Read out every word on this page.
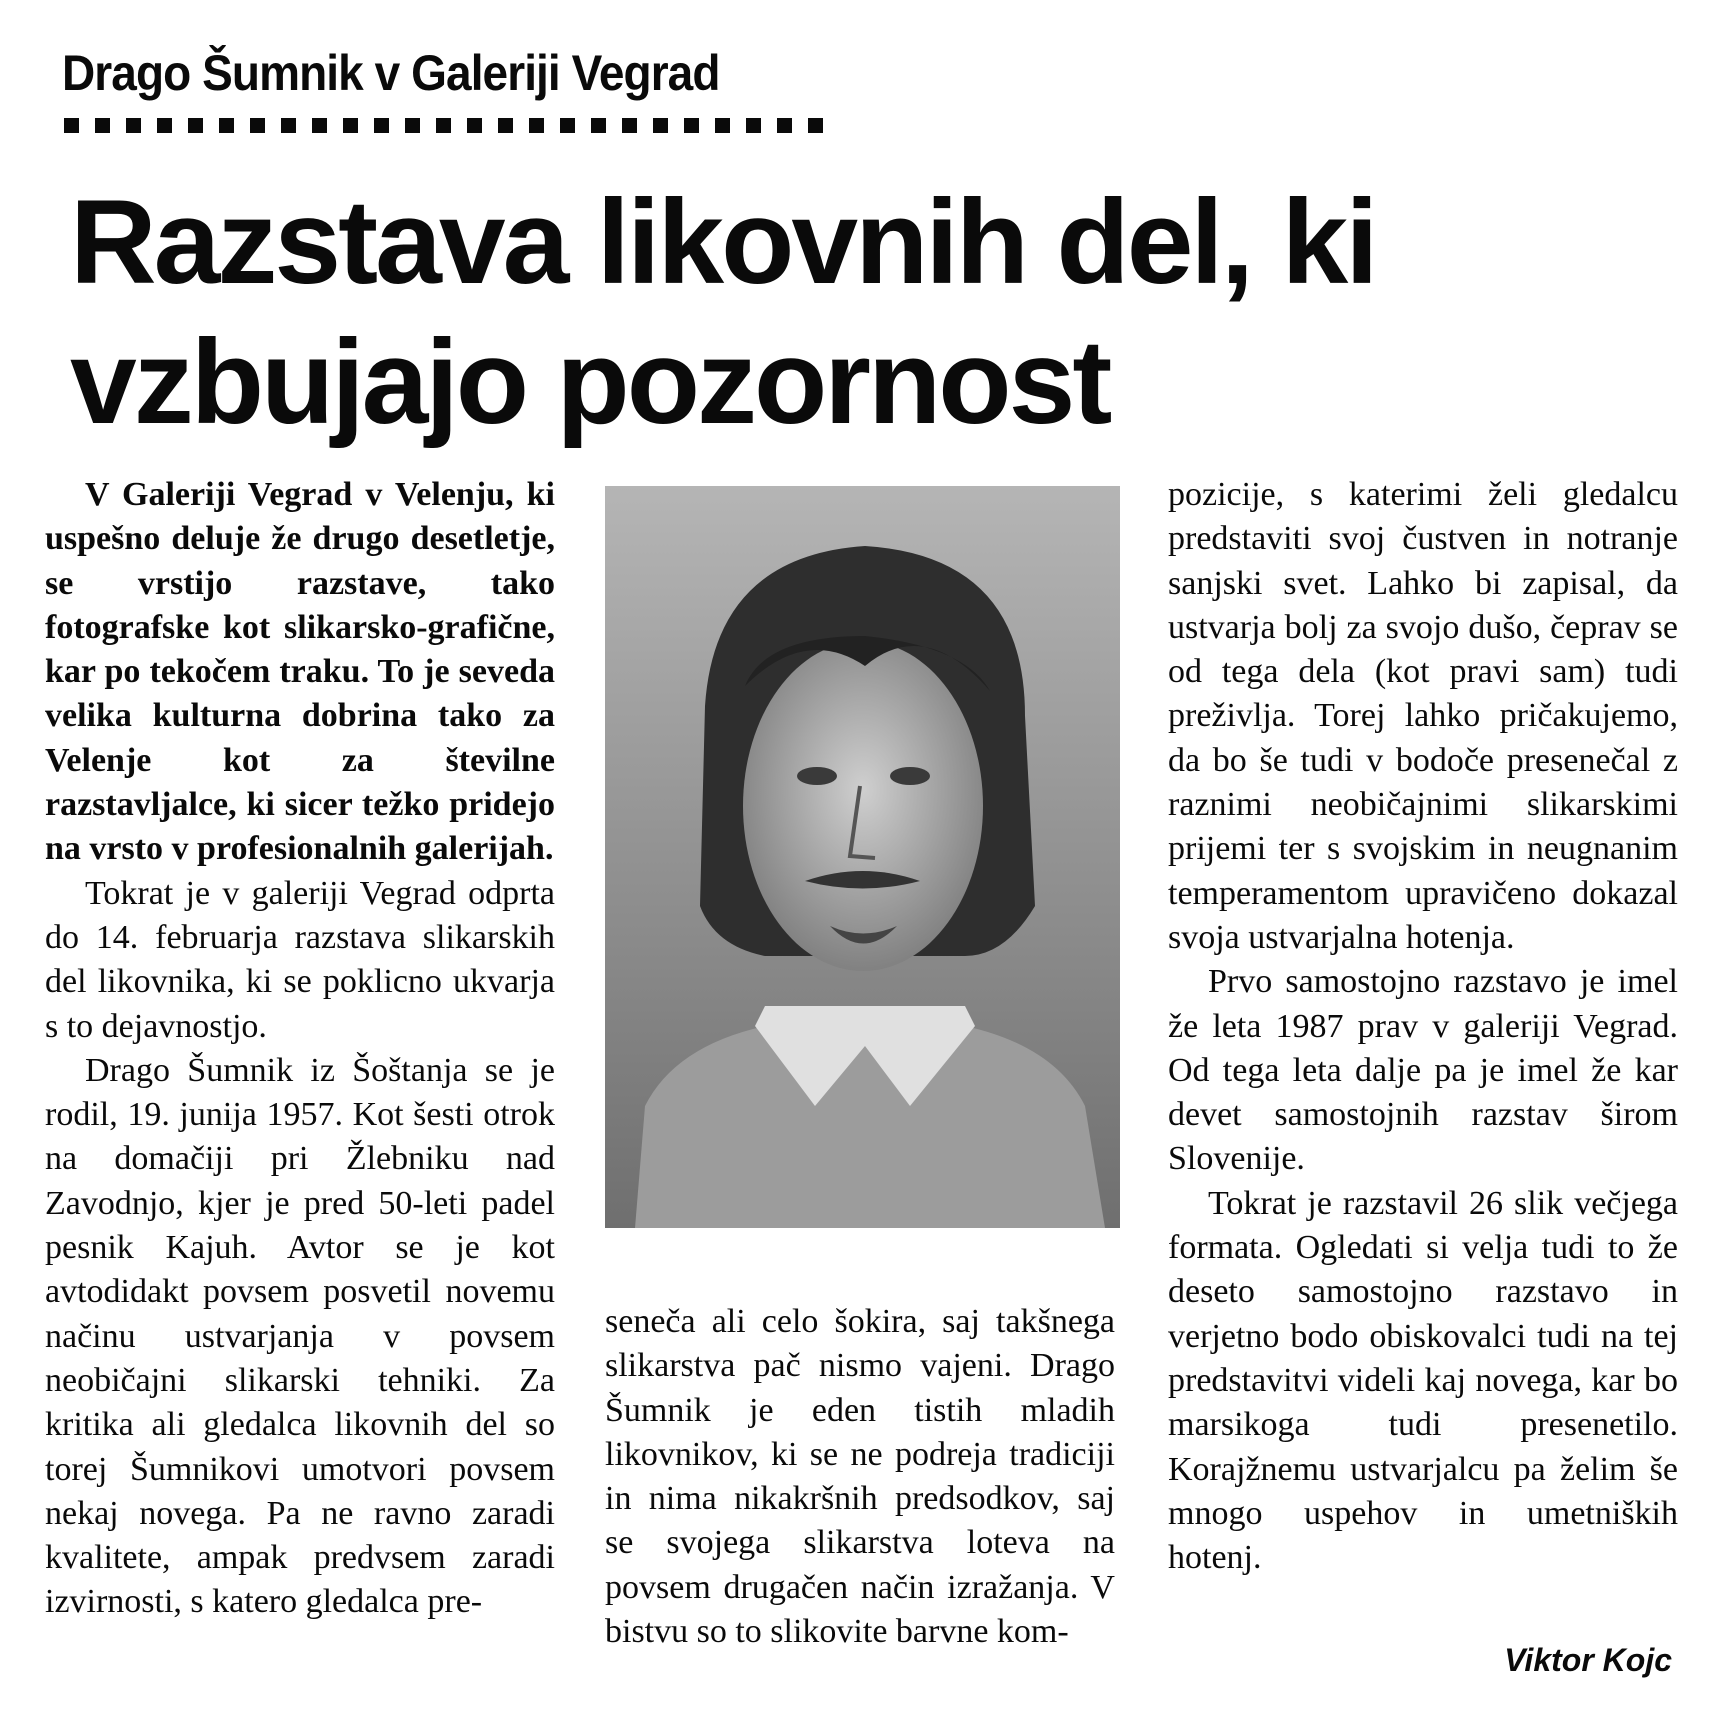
Drago Šumnik v Galeriji Vegrad
Razstava likovnih del, ki
vzbujajo pozornost

V Galeriji Vegrad v Velenju, ki uspešno deluje že drugo desetletje, se vrstijo razstave, tako fotografske kot slikarsko-grafične, kar po tekočem traku. To je seveda velika kulturna dobrina tako za Velenje kot za številne razstavljalce, ki sicer težko pridejo na vrsto v profesionalnih galerijah.

Tokrat je v galeriji Vegrad odprta do 14. februarja razstava slikarskih del likovnika, ki se poklicno ukvarja s to dejavnostjo.

Drago Šumnik iz Šoštanja se je rodil, 19. junija 1957. Kot šesti otrok na domačiji pri Žlebniku nad Zavodnjo, kjer je pred 50-leti padel pesnik Kajuh. Avtor se je kot avtodidakt povsem posvetil novemu načinu ustvarjanja v povsem neobičajni slikarski tehniki. Za kritika ali gledalca likovnih del so torej Šumnikovi umotvori povsem nekaj novega. Pa ne ravno zaradi kvalitete, ampak predvsem zaradi izvirnosti, s katero gledalca pre-

seneča ali celo šokira, saj takšnega slikarstva pač nismo vajeni. Drago Šumnik je eden tistih mladih likovnikov, ki se ne podreja tradiciji in nima nikakršnih predsodkov, saj se svojega slikarstva loteva na povsem drugačen način izražanja. V bistvu so to slikovite barvne kom-

pozicije, s katerimi želi gledalcu predstaviti svoj čustven in notranje sanjski svet. Lahko bi zapisal, da ustvarja bolj za svojo dušo, čeprav se od tega dela (kot pravi sam) tudi preživlja. Torej lahko pričakujemo, da bo še tudi v bodoče presenečal z raznimi neobičajnimi slikarskimi prijemi ter s svojskim in neugnanim temperamentom upravičeno dokazal svoja ustvarjalna hotenja.

Prvo samostojno razstavo je imel že leta 1987 prav v galeriji Vegrad. Od tega leta dalje pa je imel že kar devet samostojnih razstav širom Slovenije.

Tokrat je razstavil 26 slik večjega formata. Ogledati si velja tudi to že deseto samostojno razstavo in verjetno bodo obiskovalci tudi na tej predstavitvi videli kaj novega, kar bo marsikoga tudi presenetilo. Korajžnemu ustvarjalcu pa želim še mnogo uspehov in umetniških hotenj.

Viktor Kojc
